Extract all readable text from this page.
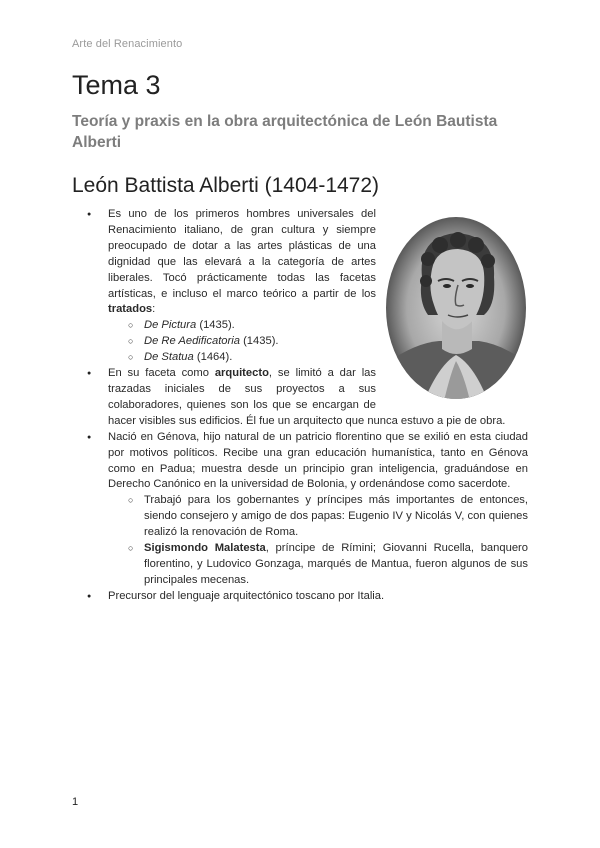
Arte del Renacimiento
Tema 3
Teoría y praxis en la obra arquitectónica de León Bautista Alberti
León Battista Alberti (1404-1472)
● Es uno de los primeros hombres universales del Renacimiento italiano, de gran cultura y siempre preocupado de dotar a las artes plásticas de una dignidad que las elevará a la categoría de artes liberales. Tocó prácticamente todas las facetas artísticas, e incluso el marco teórico a partir de los tratados:
○ De Pictura (1435).
○ De Re Aedificatoria (1435).
○ De Statua (1464).
● En su faceta como arquitecto, se limitó a dar las trazadas iniciales de sus proyectos a sus colaboradores, quienes son los que se encargan de hacer visibles sus edificios. Él fue un arquitecto que nunca estuvo a pie de obra.
● Nació en Génova, hijo natural de un patricio florentino que se exilió en esta ciudad por motivos políticos. Recibe una gran educación humanística, tanto en Génova como en Padua; muestra desde un principio gran inteligencia, graduándose en Derecho Canónico en la universidad de Bolonia, y ordenándose como sacerdote.
○ Trabajó para los gobernantes y príncipes más importantes de entonces, siendo consejero y amigo de dos papas: Eugenio IV y Nicolás V, con quienes realizó la renovación de Roma.
○ Sigismondo Malatesta, príncipe de Rímini; Giovanni Rucella, banquero florentino, y Ludovico Gonzaga, marqués de Mantua, fueron algunos de sus principales mecenas.
● Precursor del lenguaje arquitectónico toscano por Italia.
1
